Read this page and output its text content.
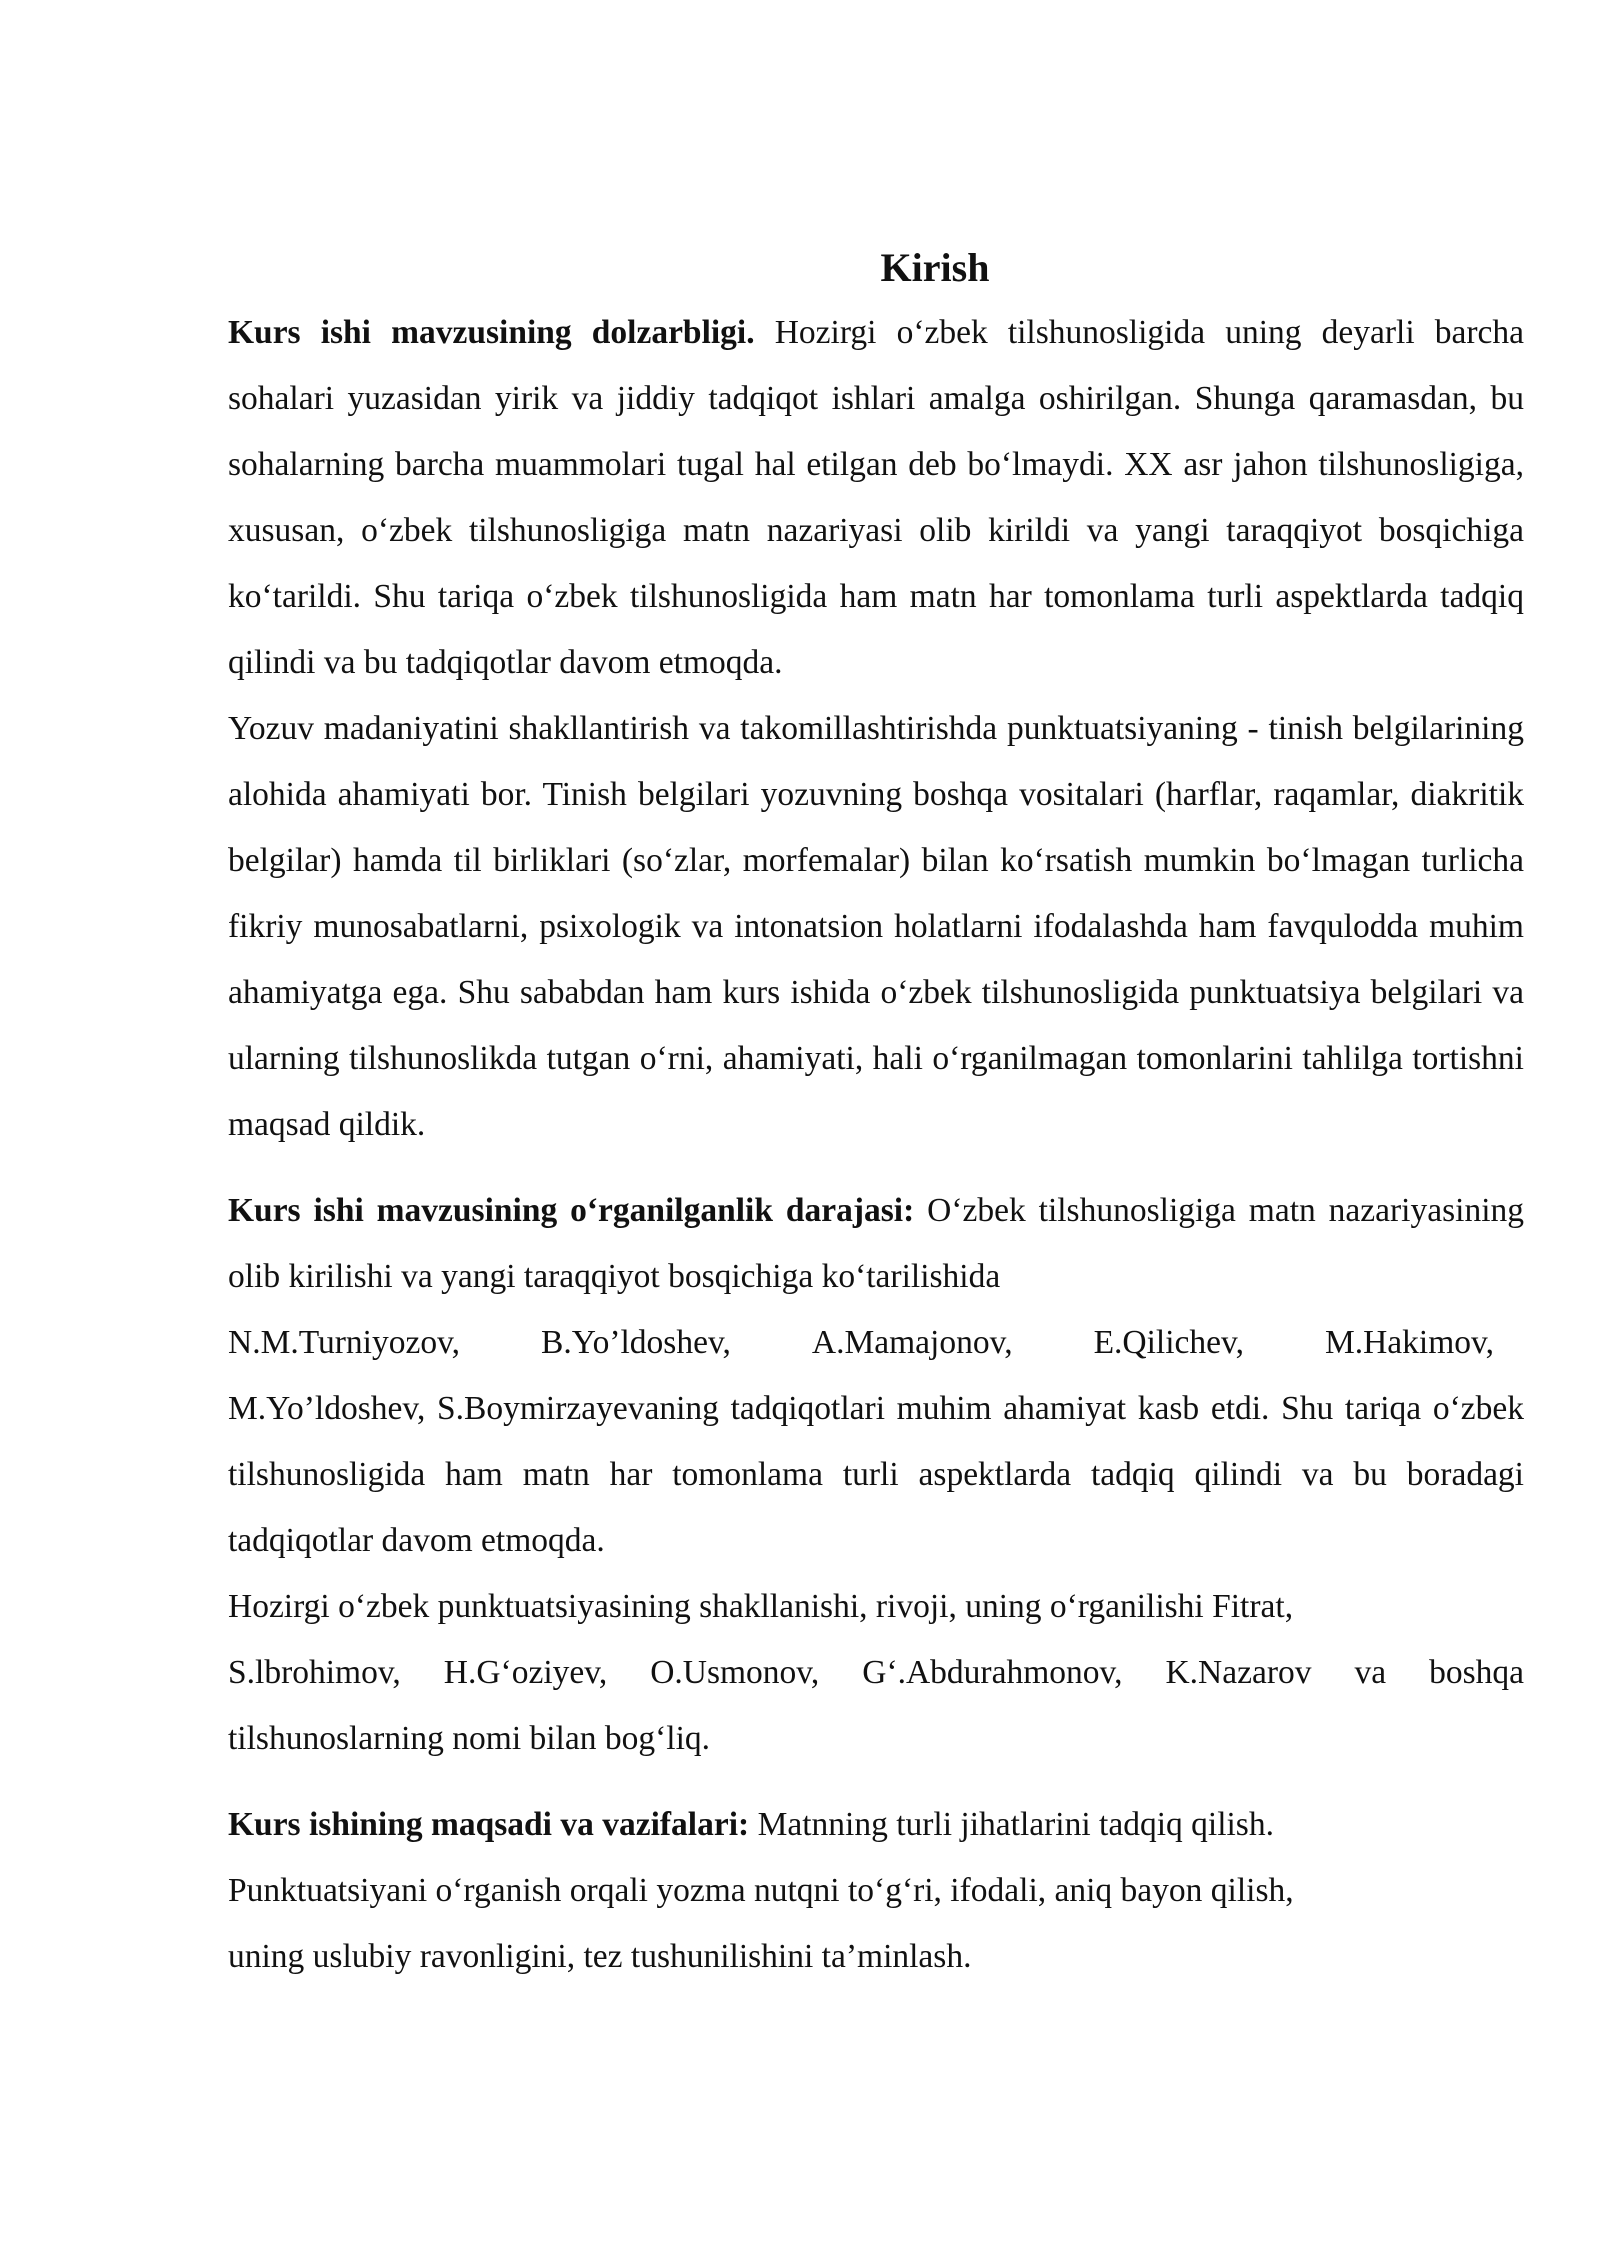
Kirish

Kurs ishi mavzusining dolzarbligi. Hozirgi o‘zbek tilshunosligida uning deyarli barcha sohalari yuzasidan yirik va jiddiy tadqiqot ishlari amalga oshirilgan. Shunga qaramasdan, bu sohalarning barcha muammolari tugal hal etilgan deb bo‘lmaydi. XX asr jahon tilshunosligiga, xususan, o‘zbek tilshunosligiga matn nazariyasi olib kirildi va yangi taraqqiyot bosqichiga ko‘tarildi. Shu tariqa o‘zbek tilshunosligida ham matn har tomonlama turli aspektlarda tadqiq qilindi va bu tadqiqotlar davom etmoqda.

Yozuv madaniyatini shakllantirish va takomillashtirishda punktuatsiyaning - tinish belgilarining alohida ahamiyati bor. Tinish belgilari yozuvning boshqa vositalari (harflar, raqamlar, diakritik belgilar) hamda til birliklari (so‘zlar, morfemalar) bilan ko‘rsatish mumkin bo‘lmagan turlicha fikriy munosabatlarni, psixologik va intonatsion holatlarni ifodalashda ham favqulodda muhim ahamiyatga ega. Shu sababdan ham kurs ishida o‘zbek tilshunosligida punktuatsiya belgilari va ularning tilshunoslikda tutgan o‘rni, ahamiyati, hali o‘rganilmagan tomonlarini tahlilga tortishni maqsad qildik.

Kurs ishi mavzusining o‘rganilganlik darajasi: O‘zbek tilshunosligiga matn nazariyasining olib kirilishi va yangi taraqqiyot bosqichiga ko‘tarilishida

N.M.Turniyozov, B.Yo’ldoshev, A.Mamajonov, E.Qilichev, M.Hakimov,

M.Yo’ldoshev, S.Boymirzayevaning tadqiqotlari muhim ahamiyat kasb etdi. Shu tariqa o‘zbek tilshunosligida ham matn har tomonlama turli aspektlarda tadqiq qilindi va bu boradagi tadqiqotlar davom etmoqda.

Hozirgi o‘zbek punktuatsiyasining shakllanishi, rivoji, uning o‘rganilishi Fitrat,

S.lbrohimov, H.G‘oziyev, O.Usmonov, G‘.Abdurahmonov, K.Nazarov va boshqa tilshunoslarning nomi bilan bog‘liq.

Kurs ishining maqsadi va vazifalari: Matnning turli jihatlarini tadqiq qilish.

Punktuatsiyani o‘rganish orqali yozma nutqni to‘g‘ri, ifodali, aniq bayon qilish,

uning uslubiy ravonligini, tez tushunilishini ta’minlash.
